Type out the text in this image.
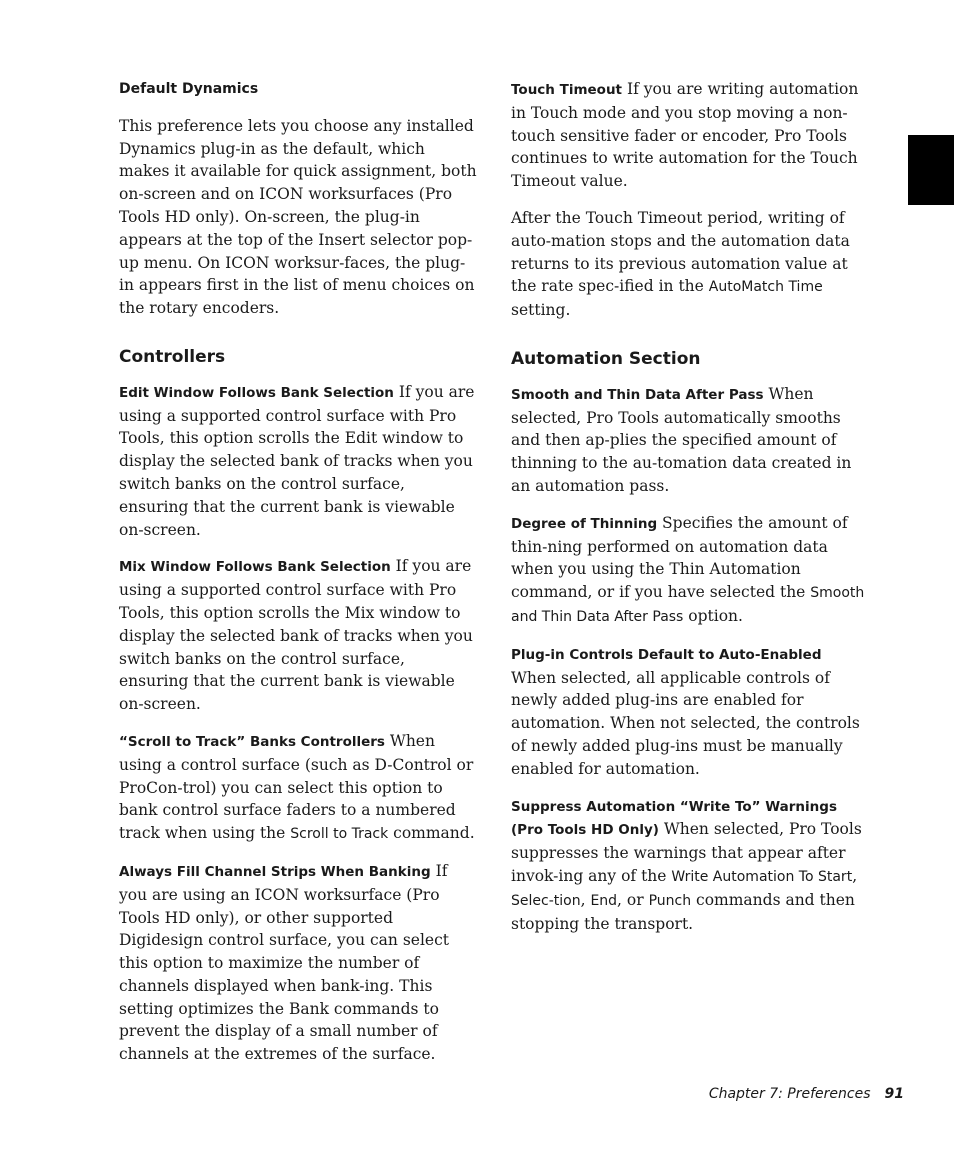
Default Dynamics

This preference lets you choose any installed Dynamics plug-in as the default, which makes it available for quick assignment, both on-screen and on ICON worksurfaces (Pro Tools HD only). On-screen, the plug-in appears at the top of the Insert selector pop-up menu. On ICON worksur-faces, the plug-in appears first in the list of menu choices on the rotary encoders.

Controllers

Edit Window Follows Bank Selection If you are using a supported control surface with Pro Tools, this option scrolls the Edit window to display the selected bank of tracks when you switch banks on the control surface, ensuring that the current bank is viewable on-screen.

Mix Window Follows Bank Selection If you are using a supported control surface with Pro Tools, this option scrolls the Mix window to display the selected bank of tracks when you switch banks on the control surface, ensuring that the current bank is viewable on-screen.

“Scroll to Track” Banks Controllers When using a control surface (such as D-Control or ProCon-trol) you can select this option to bank control surface faders to a numbered track when using the Scroll to Track command.

Always Fill Channel Strips When Banking If you are using an ICON worksurface (Pro Tools HD only), or other supported Digidesign control surface, you can select this option to maximize the number of channels displayed when bank-ing. This setting optimizes the Bank commands to prevent the display of a small number of channels at the extremes of the surface.

Touch Timeout If you are writing automation in Touch mode and you stop moving a non-touch sensitive fader or encoder, Pro Tools continues to write automation for the Touch Timeout value.

After the Touch Timeout period, writing of auto-mation stops and the automation data returns to its previous automation value at the rate spec-ified in the AutoMatch Time setting.

Automation Section

Smooth and Thin Data After Pass When selected, Pro Tools automatically smooths and then ap-plies the specified amount of thinning to the au-tomation data created in an automation pass.

Degree of Thinning Specifies the amount of thin-ning performed on automation data when you using the Thin Automation command, or if you have selected the Smooth and Thin Data After Pass option.

Plug-in Controls Default to Auto-Enabled When selected, all applicable controls of newly added plug-ins are enabled for automation. When not selected, the controls of newly added plug-ins must be manually enabled for automation.

Suppress Automation “Write To” Warnings
(Pro Tools HD Only) When selected, Pro Tools suppresses the warnings that appear after invok-ing any of the Write Automation To Start, Selec-tion, End, or Punch commands and then stopping the transport.

Chapter 7: Preferences 91
